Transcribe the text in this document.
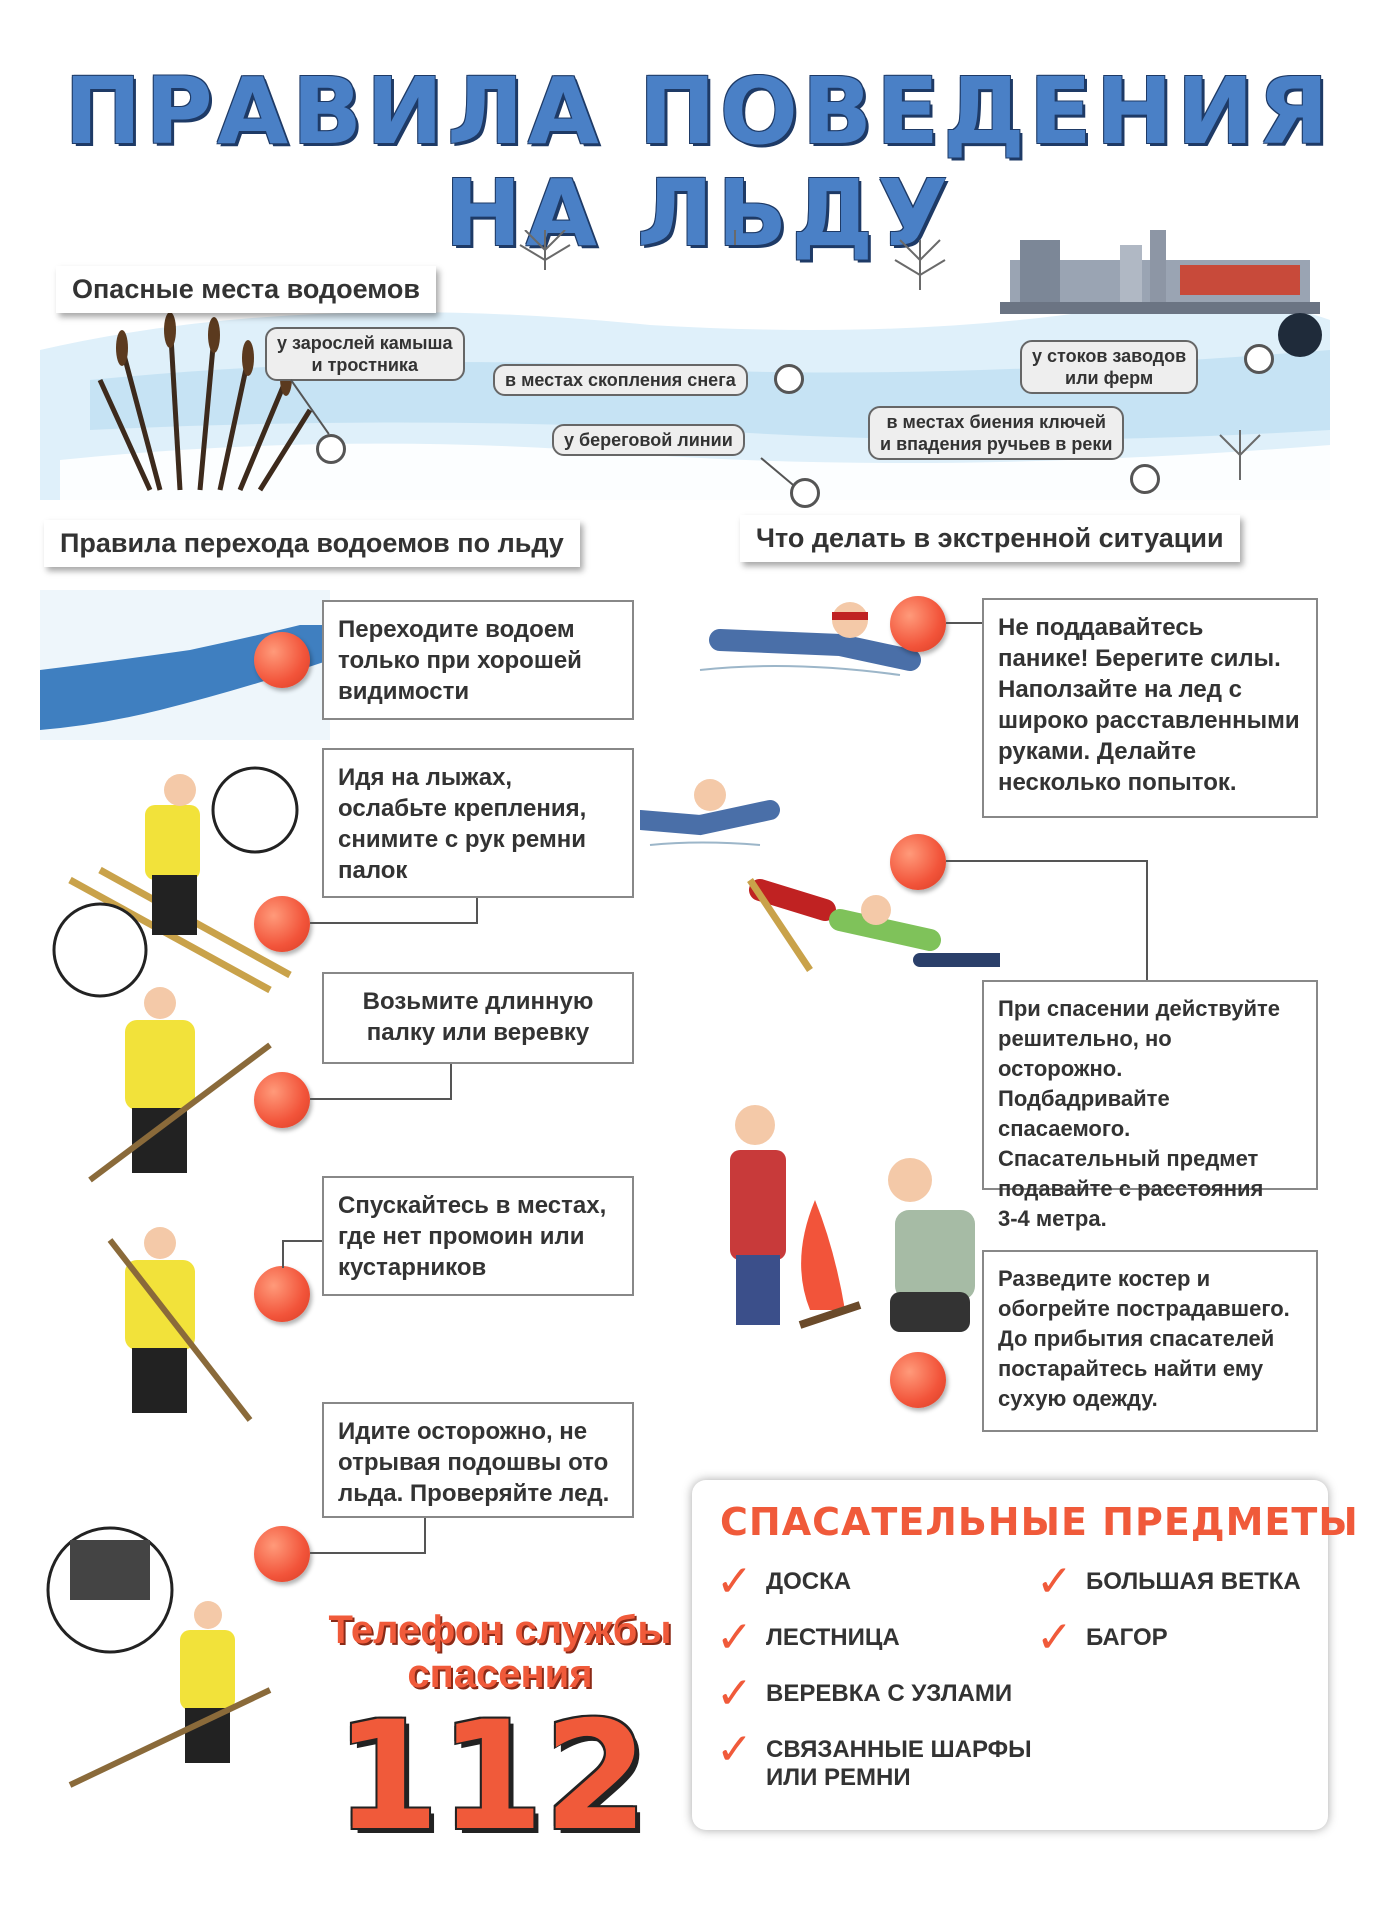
ПРАВИЛА ПОВЕДЕНИЯ
НА ЛЬДУ
Опасные места водоемов
у зарослей камыша
и тростника
в местах скопления снега
у береговой линии
у стоков заводов
или ферм
в местах биения ключей
и впадения ручьев в реки
Правила перехода водоемов по льду	Что делать в экстренной ситуации
Переходите водоем
только при хорошей
видимости
Идя на лыжах,
ослабьте крепления,
снимите с рук ремни
палок
Возьмите длинную
палку или веревку
Спускайтесь в местах,
где нет промоин или
кустарников
Идите осторожно, не
отрывая подошвы ото
льда. Проверяйте лед.
Телефон службы
спасения
112
Не поддавайтесь
панике! Берегите силы.
Наползайте на лед с
широко расставленными
руками. Делайте
несколько попыток.
При спасении действуйте
решительно, но осторожно.
Подбадривайте спасаемого.
Спасательный предмет
подавайте с расстояния
3-4 метра.
Разведите костер и
обогрейте пострадавшего.
До прибытия спасателей
постарайтесь найти ему
сухую одежду.
СПАСАТЕЛЬНЫЕ ПРЕДМЕТЫ
✓ ДОСКА
✓ ЛЕСТНИЦА
✓ ВЕРЕВКА С УЗЛАМИ
✓ СВЯЗАННЫЕ ШАРФЫ
ИЛИ РЕМНИ
✓ БОЛЬШАЯ ВЕТКА
✓ БАГОР
